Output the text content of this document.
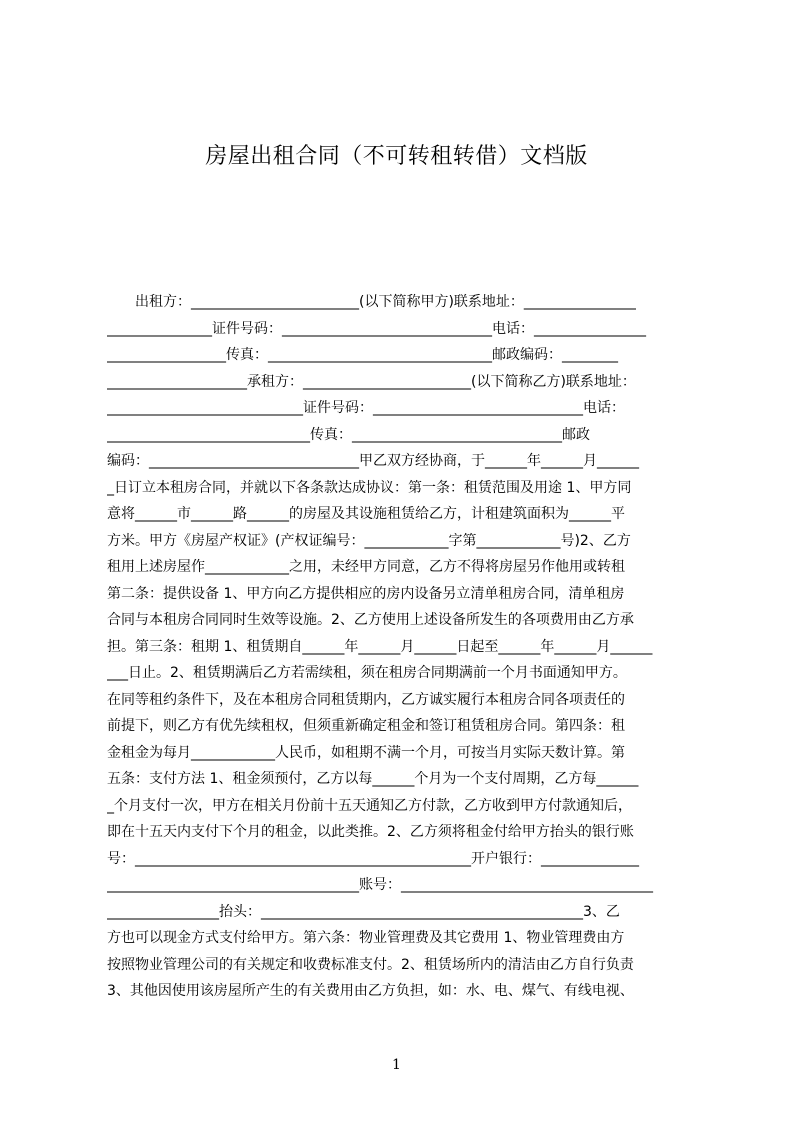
房屋出租合同（不可转租转借）文档版
　　出租方：________________________(以下简称甲方)联系地址：________________
_______________证件号码：______________________________电话：________________
_________________传真：________________________________邮政编码：________
____________________承租方：________________________(以下简称乙方)联系地址：
____________________________证件号码：______________________________电话：
_____________________________传真：______________________________邮政
编码：______________________________甲乙双方经协商，于______年______月______
_日订立本租房合同，并就以下各条款达成协议：第一条：租赁范围及用途 1、甲方同
意将______市______路______的房屋及其设施租赁给乙方，计租建筑面积为______平
方米。甲方《房屋产权证》(产权证编号：____________字第____________号)2、乙方
租用上述房屋作____________之用，未经甲方同意，乙方不得将房屋另作他用或转租
第二条：提供设备 1、甲方向乙方提供相应的房内设备另立清单租房合同，清单租房
合同与本租房合同同时生效等设施。2、乙方使用上述设备所发生的各项费用由乙方承
担。第三条：租期 1、租赁期自______年______月______日起至______年______月______
___日止。2、租赁期满后乙方若需续租，须在租房合同期满前一个月书面通知甲方。
在同等租约条件下，及在本租房合同租赁期内，乙方诚实履行本租房合同各项责任的
前提下，则乙方有优先续租权，但须重新确定租金和签订租赁租房合同。第四条：租
金租金为每月____________人民币，如租期不满一个月，可按当月实际天数计算。第
五条：支付方法 1、租金须预付，乙方以每______个月为一个支付周期，乙方每______
_个月支付一次，甲方在相关月份前十五天通知乙方付款，乙方收到甲方付款通知后，
即在十五天内支付下个月的租金，以此类推。2、乙方须将租金付给甲方抬头的银行账
号：________________________________________________开户银行：______________
____________________________________账号：____________________________________
________________抬头：______________________________________________3、乙
方也可以现金方式支付给甲方。第六条：物业管理费及其它费用 1、物业管理费由方
按照物业管理公司的有关规定和收费标准支付。2、租赁场所内的清洁由乙方自行负责
3、其他因使用该房屋所产生的有关费用由乙方负担，如：水、电、煤气、有线电视、
1
